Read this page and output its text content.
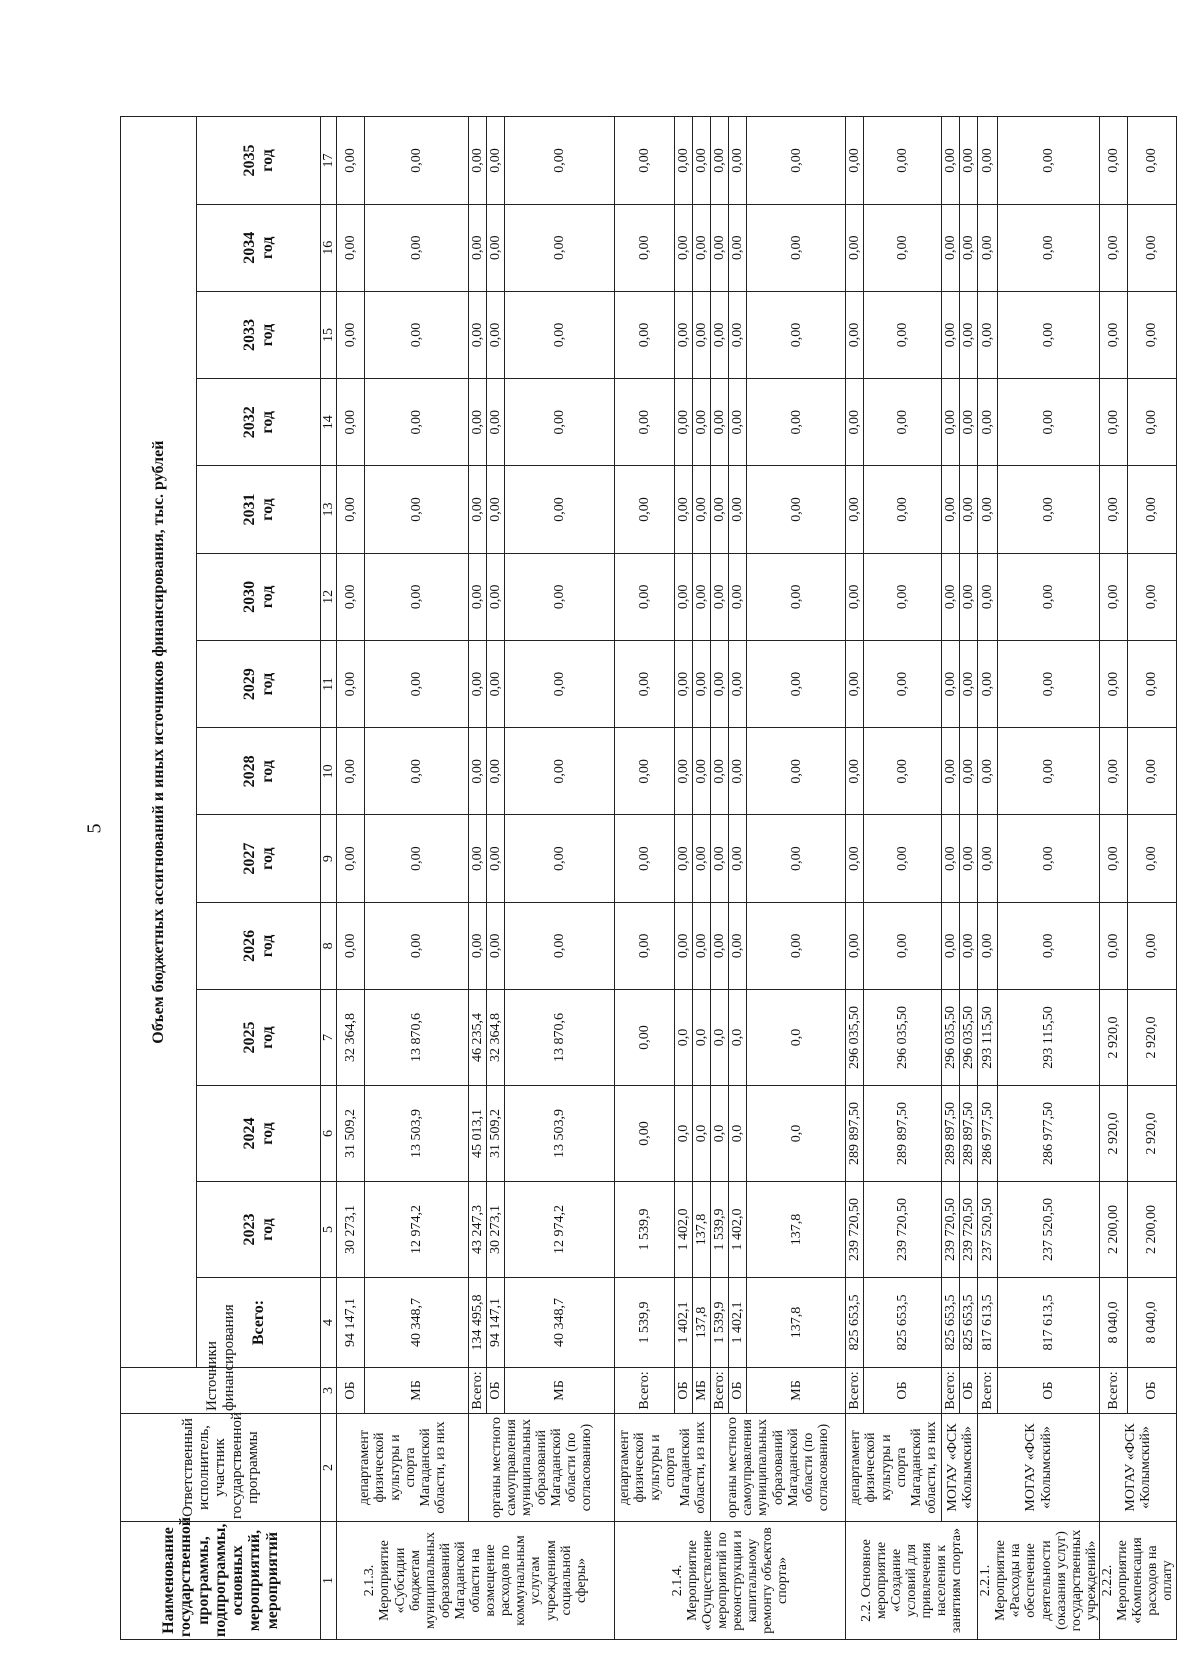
5
Наименование государственной программы, подпрограммы, основных мероприятий, мероприятий	Ответственный исполнитель, участник государственной программы	Источники финансирования	Объем бюджетных ассигнований и иных источников финансирования, тыс. рублей													
			Всего:	2023 год	2024 год	2025 год	2026 год	2027 год	2028 год	2029 год	2030 год	2031 год	2032 год	2033 год	2034 год	2035 год

1	2	3	4	5	6	7	8	9	10	11	12	13	14	15	16	17
2.1.3. Мероприятие «Субсидии бюджетам муниципальных образований Магаданской области на возмещение расходов по коммунальным услугам учреждениям социальной сферы»	департамент физической культуры и спорта Магаданской области, из них	ОБ	94 147,1	30 273,1	31 509,2	32 364,8	0,00	0,00	0,00	0,00	0,00	0,00	0,00	0,00	0,00	0,00
		МБ	40 348,7	12 974,2	13 503,9	13 870,6	0,00	0,00	0,00	0,00	0,00	0,00	0,00	0,00	0,00	0,00
	органы местного самоуправления муниципальных образований Магаданской области (по согласованию)	Всего:	134 495,8	43 247,3	45 013,1	46 235,4	0,00	0,00	0,00	0,00	0,00	0,00	0,00	0,00	0,00	0,00
		ОБ	94 147,1	30 273,1	31 509,2	32 364,8	0,00	0,00	0,00	0,00	0,00	0,00	0,00	0,00	0,00	0,00
		МБ	40 348,7	12 974,2	13 503,9	13 870,6	0,00	0,00	0,00	0,00	0,00	0,00	0,00	0,00	0,00	0,00
2.1.4. Мероприятие «Осуществление мероприятий по реконструкции и капитальному ремонту объектов спорта»	департамент физической культуры и спорта Магаданской области, из них	Всего:	1 539,9	1 539,9	0,00	0,00	0,00	0,00	0,00	0,00	0,00	0,00	0,00	0,00	0,00	0,00
		ОБ	1 402,1	1 402,0	0,0	0,0	0,00	0,00	0,00	0,00	0,00	0,00	0,00	0,00	0,00	0,00
		МБ	137,8	137,8	0,0	0,0	0,00	0,00	0,00	0,00	0,00	0,00	0,00	0,00	0,00	0,00
	органы местного самоуправления муниципальных образований Магаданской области (по согласованию)	Всего:	1 539,9	1 539,9	0,0	0,0	0,00	0,00	0,00	0,00	0,00	0,00	0,00	0,00	0,00	0,00
		ОБ	1 402,1	1 402,0	0,0	0,0	0,00	0,00	0,00	0,00	0,00	0,00	0,00	0,00	0,00	0,00
		МБ	137,8	137,8	0,0	0,0	0,00	0,00	0,00	0,00	0,00	0,00	0,00	0,00	0,00	0,00
2.2. Основное мероприятие «Создание условий для привлечения населения к занятиям спорта»	департамент физической культуры и спорта Магаданской области, из них	Всего:	825 653,5	239 720,50	289 897,50	296 035,50	0,00	0,00	0,00	0,00	0,00	0,00	0,00	0,00	0,00	0,00
		ОБ	825 653,5	239 720,50	289 897,50	296 035,50	0,00	0,00	0,00	0,00	0,00	0,00	0,00	0,00	0,00	0,00
	МОГАУ «ФСК «Колымский»	Всего:	825 653,5	239 720,50	289 897,50	296 035,50	0,00	0,00	0,00	0,00	0,00	0,00	0,00	0,00	0,00	0,00
		ОБ	825 653,5	239 720,50	289 897,50	296 035,50	0,00	0,00	0,00	0,00	0,00	0,00	0,00	0,00	0,00	0,00
2.2.1. Мероприятие «Расходы на обеспечение деятельности (оказания услуг) государственных учреждений»	МОГАУ «ФСК «Колымский»	Всего:	817 613,5	237 520,50	286 977,50	293 115,50	0,00	0,00	0,00	0,00	0,00	0,00	0,00	0,00	0,00	0,00
		ОБ	817 613,5	237 520,50	286 977,50	293 115,50	0,00	0,00	0,00	0,00	0,00	0,00	0,00	0,00	0,00	0,00
2.2.2. Мероприятие «Компенсация расходов на оплату	МОГАУ «ФСК «Колымский»	Всего:	8 040,0	2 200,00	2 920,0	2 920,0	0,00	0,00	0,00	0,00	0,00	0,00	0,00	0,00	0,00	0,00
		ОБ	8 040,0	2 200,00	2 920,0	2 920,0	0,00	0,00	0,00	0,00	0,00	0,00	0,00	0,00	0,00	0,00
